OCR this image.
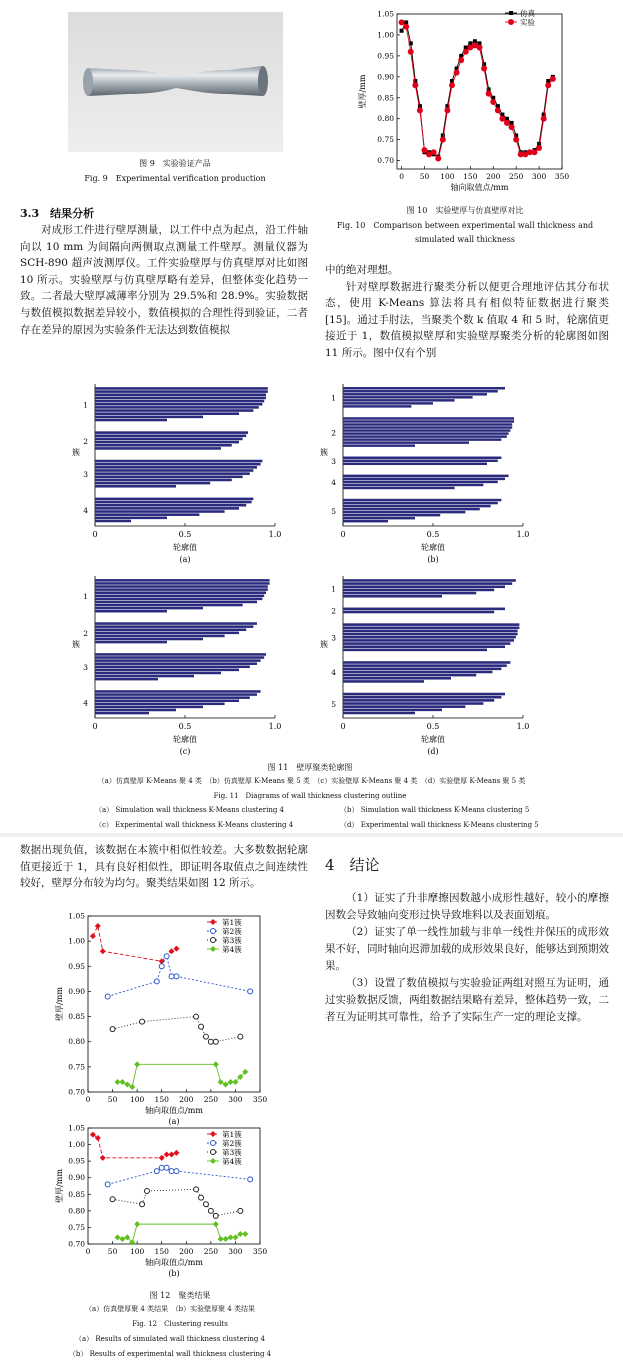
图 9　实验验证产品
Fig. 9　Experimental verification production	0 50 100 150 200 250 300 350
0.70
0.75
0.80
0.85
0.90
0.95
1.00
1.05
轴向取值点/mm
壁厚/mm
仿真
实验
图 10　实验壁厚与仿真壁厚对比
Fig. 10　Comparison between experimental wall thickness and
simulated wall thickness
3.3　结果分析

对成形工件进行壁厚测量，以工件中点为起点，沿工件轴向以 10 mm 为间隔向两侧取点测量工件壁厚。测量仪器为 SCH-890 超声波测厚仪。工件实验壁厚与仿真壁厚对比如图 10 所示。实验壁厚与仿真壁厚略有差异，但整体变化趋势一致。二者最大壁厚减薄率分别为 29.5%和 28.9%。实验数据与数值模拟数据差异较小，数值模拟的合理性得到验证，二者存在差异的原因为实验条件无法达到数值模拟

中的绝对理想。

针对壁厚数据进行聚类分析以便更合理地评估其分布状态，使用 K-Means 算法将具有相似特征数据进行聚类[15]。通过手肘法，当聚类个数 k 值取 4 和 5 时，轮廓值更接近于 1，数值模拟壁厚和实验壁厚聚类分析的轮廓图如图 11 所示。图中仅有个别

0	0.5	1.0
轮廓值
簇
(a)
1
2
3
4
0	0.5	1.0
轮廓值
簇
(b)
1
2
3
4
5
0	0.5	1.0
轮廓值
簇
(c)
1
2
3
4
0	0.5	1.0
轮廓值
簇
(d)
1
2
3
4
5
图 11　壁厚聚类轮廓图
（a）仿真壁厚 K-Means 聚 4 类　（b）仿真壁厚 K-Means 聚 5 类　（c）实验壁厚 K-Means 聚 4 类　（d）实验壁厚 K-Means 聚 5 类
Fig. 11　Diagrams of wall thickness clustering outline
（a） Simulation wall thickness K-Means clustering 4	（b） Simulation wall thickness K-Means clustering 5
（c） Experimental wall thickness K-Means clustering 4	（d） Experimental wall thickness K-Means clustering 5

数据出现负值，该数据在本簇中相似性较差。大多数数据轮廓值更接近于 1，具有良好相似性，即证明各取值点之间连续性较好，壁厚分布较为均匀。聚类结果如图 12 所示。

0 50 100 150 200 250 300 350
0.70
0.75
0.80
0.85
0.90
0.95
1.00
1.05
轴向取值点/mm
壁厚/mm
第1簇
第2簇
第3簇
第4簇
(a)
0 50 100 150 200 250 300 350
0.70
0.75
0.80
0.85
0.90
0.95
1.00
1.05
轴向取值点/mm
壁厚/mm
第1簇
第2簇
第3簇
第4簇
(b)
图 12　聚类结果
（a）仿真壁厚聚 4 类结果　（b）实验壁厚聚 4 类结果
Fig. 12　Clustering results
（a） Results of simulated wall thickness clustering 4
（b） Results of experimental wall thickness clustering 4
4　结论

（1）证实了升非摩擦因数越小成形性越好，较小的摩擦因数会导致轴向变形过快导致堆料以及表面划痕。

（2）证实了单一线性加载与非单一线性并保压的成形效果不好，同时轴向迟滞加载的成形效果良好，能够达到预期效果。

（3）设置了数值模拟与实验验证两组对照互为证明，通过实验数据反馈，两组数据结果略有差异，整体趋势一致，二者互为证明其可靠性，给予了实际生产一定的理论支撑。
